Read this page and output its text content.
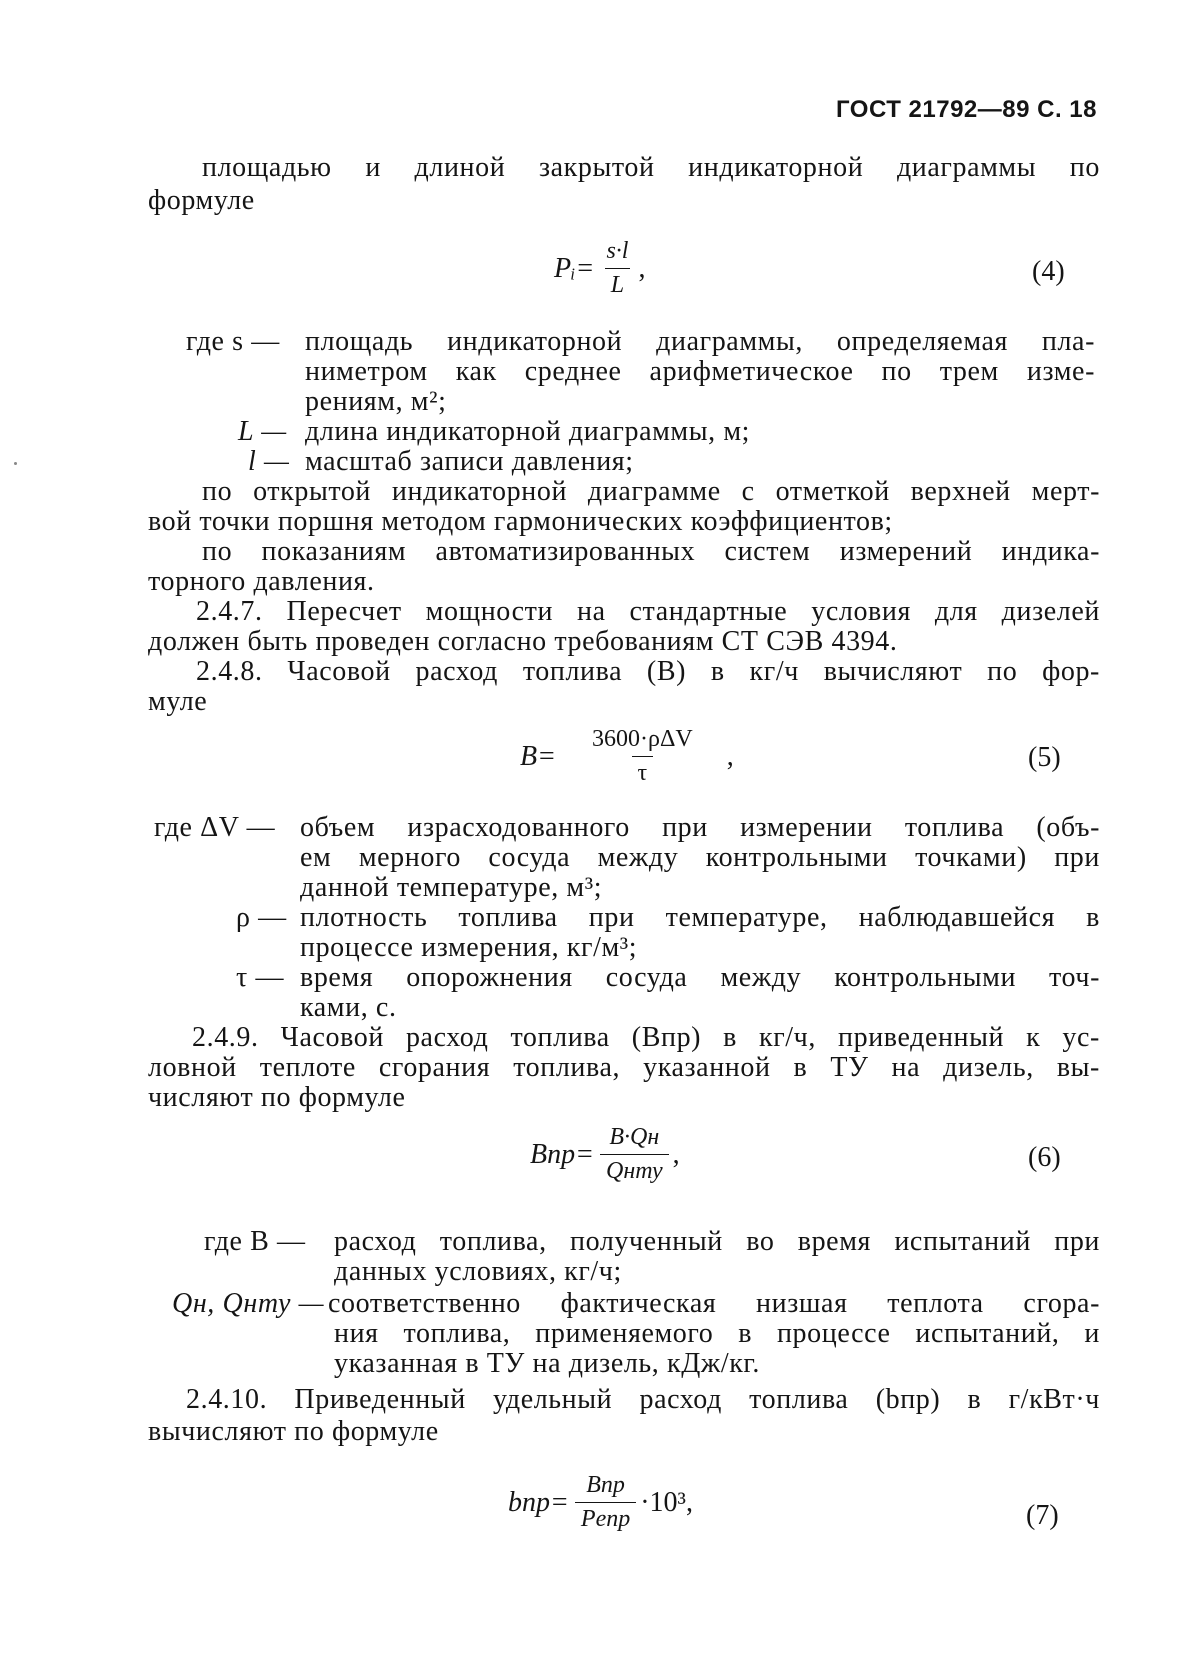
ГОСТ 21792—89 С. 18
площадью и длиной закрытой индикаторной диаграммы по
формуле
Pᵢ= $\frac{s\cdot l}{L}$ ,	(4)
где s — площадь индикаторной диаграммы, определяемая пла-
ниметром как среднее арифметическое по трем изме-
рениям, м²;
L — длина индикаторной диаграммы, м;
l — масштаб записи давления;
по открытой индикаторной диаграмме с отметкой верхней мерт-
вой точки поршня методом гармонических коэффициентов;
по показаниям автоматизированных систем измерений индика-
торного давления.
2.4.7. Пересчет мощности на стандартные условия для дизелей
должен быть проведен согласно требованиям СТ СЭВ 4394.
2.4.8. Часовой расход топлива (B) в кг/ч вычисляют по фор-
муле
$B= \frac{\text{3600·ρΔV}}{\tau}$ ,	(5)
где ΔV — объем израсходованного при измерении топлива (объ-
ем мерного сосуда между контрольными точками) при
данной температуре, м³;
ρ — плотность топлива при температуре, наблюдавшейся в
процессе измерения, кг/м³;
τ — время опорожнения сосуда между контрольными точ-
ками, с.
2.4.9. Часовой расход топлива (Bпр) в кг/ч, приведенный к ус-
ловной теплоте сгорания топлива, указанной в ТУ на дизель, вы-
числяют по формуле
$Bпр= \frac{B\cdot Qн}{\text{Qнту}}$ ,	(6)
где B — расход топлива, полученный во время испытаний при
данных условиях, кг/ч;
Qн, Qнту — соответственно фактическая низшая теплота сгора-
ния топлива, применяемого в процессе испытаний, и
указанная в ТУ на дизель, кДж/кг.
2.4.10. Приведенный удельный расход топлива (bпр) в г/кВт·ч
вычисляют по формуле
$bпр= \frac{\text{Bпр}}{\text{Peпр}} \cdot 10^3$,	(7)
